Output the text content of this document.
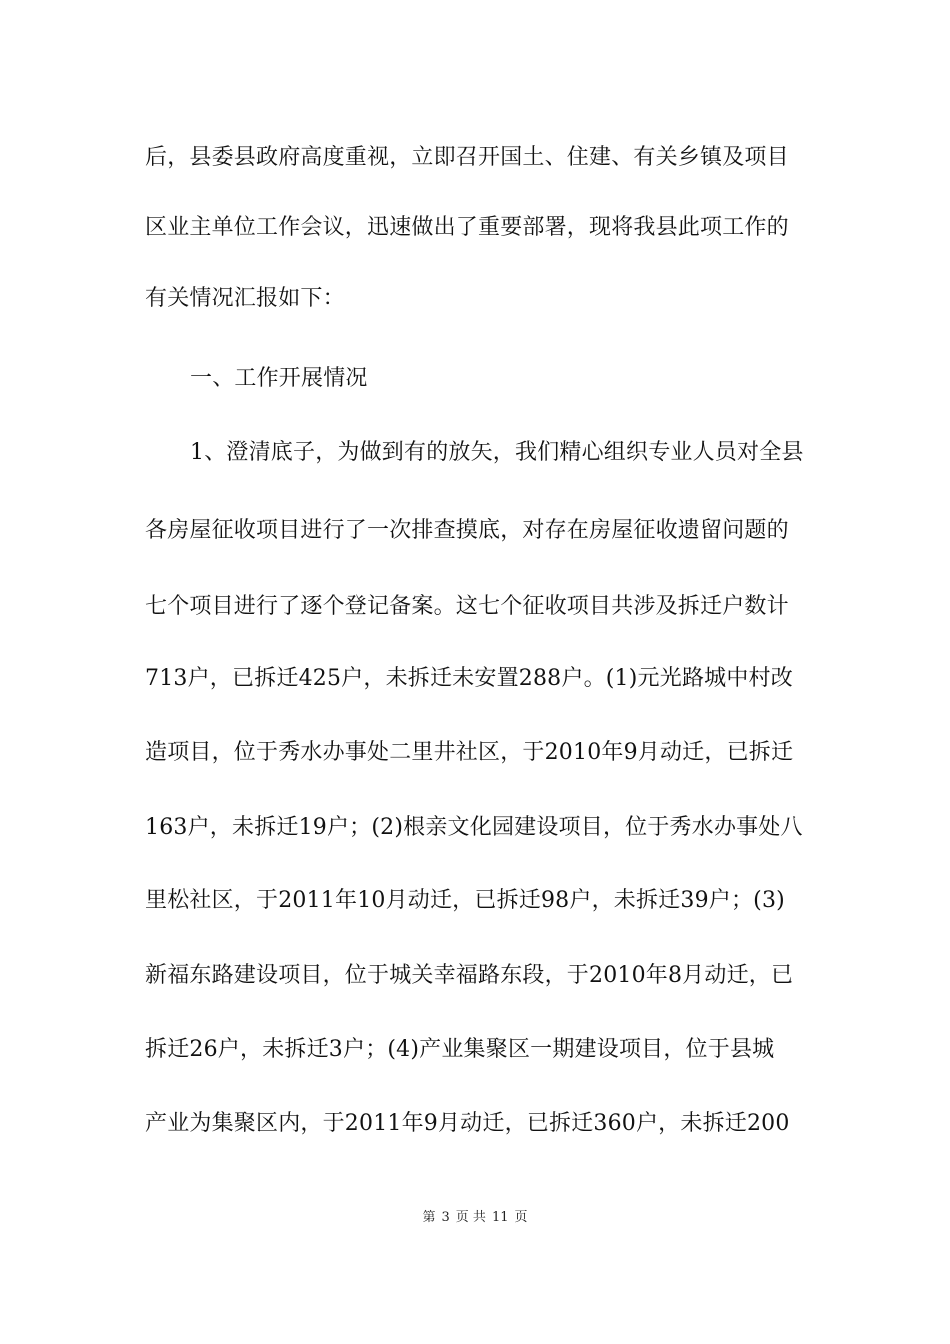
后，县委县政府高度重视，立即召开国土、住建、有关乡镇及项目
区业主单位工作会议，迅速做出了重要部署，现将我县此项工作的
有关情况汇报如下：
一、工作开展情况
1、澄清底子，为做到有的放矢，我们精心组织专业人员对全县
各房屋征收项目进行了一次排查摸底，对存在房屋征收遗留问题的
七个项目进行了逐个登记备案。这七个征收项目共涉及拆迁户数计
713户，已拆迁425户，未拆迁未安置288户。(1)元光路城中村改
造项目，位于秀水办事处二里井社区，于2010年9月动迁，已拆迁
163户，未拆迁19户；(2)根亲文化园建设项目，位于秀水办事处八
里松社区，于2011年10月动迁，已拆迁98户，未拆迁39户；(3)
新福东路建设项目，位于城关幸福路东段，于2010年8月动迁，已
拆迁26户，未拆迁3户；(4)产业集聚区一期建设项目，位于县城
产业为集聚区内，于2011年9月动迁，已拆迁360户，未拆迁200
第 3 页 共 11 页
